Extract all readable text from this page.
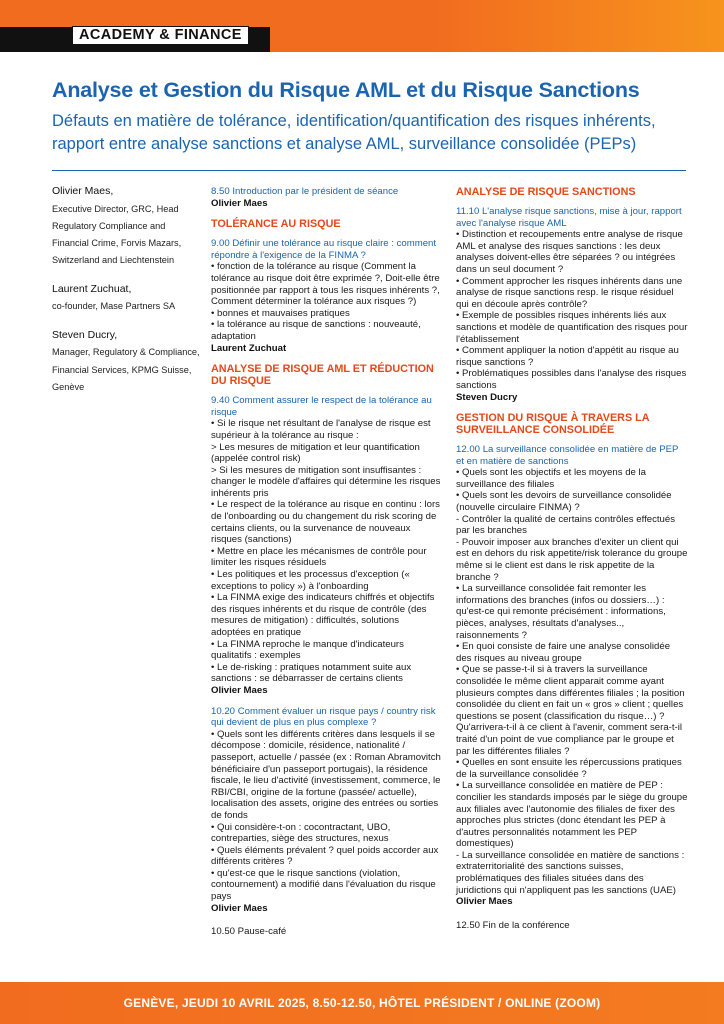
ACADEMY & FINANCE
Analyse et Gestion du Risque AML et du Risque Sanctions
Défauts en matière de tolérance, identification/quantification des risques inhérents, rapport entre analyse sanctions et analyse AML, surveillance consolidée (PEPs)
Olivier Maes,
Executive Director, GRC, Head Regulatory Compliance and Financial Crime, Forvis Mazars, Switzerland and Liechtenstein
Laurent Zuchuat,
co-founder, Mase Partners SA
Steven Ducry,
Manager, Regulatory & Compliance, Financial Services, KPMG Suisse, Genève
8.50 Introduction par le président de séance
Olivier Maes
TOLÉRANCE AU RISQUE
9.00 Définir une tolérance au risque claire : comment répondre à l'exigence de la FINMA ?
• fonction de la tolérance au risque (Comment la tolérance au risque doit être exprimée ?, Doit-elle être positionnée par rapport à tous les risques inhérents ?, Comment déterminer la tolérance aux risques ?)
• bonnes et mauvaises pratiques
• la tolérance au risque de sanctions : nouveauté, adaptation
Laurent Zuchuat
ANALYSE DE RISQUE AML ET RÉDUCTION DU RISQUE
9.40 Comment assurer le respect de la tolérance au risque
• Si le risque net résultant de l'analyse de risque est supérieur à la tolérance au risque :
> Les mesures de mitigation et leur quantification (appelée control risk)
> Si les mesures de mitigation sont insuffisantes : changer le modèle d'affaires qui détermine les risques inhérents pris
• Le respect de la tolérance au risque en continu : lors de l'onboarding ou du changement du risk scoring de certains clients, ou la survenance de nouveaux risques (sanctions)
• Mettre en place les mécanismes de contrôle pour limiter les risques résiduels
• Les politiques et les processus d'exception (« exceptions to policy ») à l'onboarding
• La FINMA exige des indicateurs chiffrés et objectifs des risques inhérents et du risque de contrôle (des mesures de mitigation) : difficultés, solutions adoptées en pratique
• La FINMA reproche le manque d'indicateurs qualitatifs : exemples
• Le de-risking : pratiques notamment suite aux sanctions : se débarrasser de certains clients
Olivier Maes
10.20 Comment évaluer un risque pays / country risk qui devient de plus en plus complexe ?
• Quels sont les différents critères dans lesquels il se décompose : domicile, résidence, nationalité / passeport, actuelle / passée (ex : Roman Abramovitch bénéficiaire d'un passeport portugais), la résidence fiscale, le lieu d'activité (investissement, commerce, le RBI/CBI, origine de la fortune (passée/ actuelle), localisation des assets, origine des entrées ou sorties de fonds
• Qui considère-t-on : cocontractant, UBO, contreparties, siège des structures, nexus
• Quels éléments prévalent ? quel poids accorder aux différents critères ?
• qu'est-ce que le risque sanctions (violation, contournement) a modifié dans l'évaluation du risque pays
Olivier Maes
10.50 Pause-café
ANALYSE DE RISQUE SANCTIONS
11.10 L'analyse risque sanctions, mise à jour, rapport avec l'analyse risque AML
• Distinction et recoupements entre analyse de risque AML et analyse des risques sanctions : les deux analyses doivent-elles être séparées ? ou intégrées dans un seul document ?
• Comment approcher les risques inhérents dans une analyse de risque sanctions resp. le risque résiduel qui en découle après contrôle?
• Exemple de possibles risques inhérents liés aux sanctions et modèle de quantification des risques pour l'établissement
• Comment appliquer la notion d'appétit au risque au risque sanctions ?
• Problématiques possibles dans l'analyse des risques sanctions
Steven Ducry
GESTION DU RISQUE À TRAVERS LA SURVEILLANCE CONSOLIDÉE
12.00 La surveillance consolidée en matière de PEP et en matière de sanctions
• Quels sont les objectifs et les moyens de la surveillance des filiales
• Quels sont les devoirs de surveillance consolidée (nouvelle circulaire FINMA) ?
- Contrôler la qualité de certains contrôles effectués par les branches
- Pouvoir imposer aux branches d'exiter un client qui est en dehors du risk appetite/risk tolerance du groupe même si le client est dans le risk appetite de la branche ?
• La surveillance consolidée fait remonter les informations des branches (infos ou dossiers…) : qu'est-ce qui remonte précisément : informations, pièces, analyses, résultats d'analyses.., raisonnements ?
• En quoi consiste de faire une analyse consolidée des risques au niveau groupe
• Que se passe-t-il si à travers la surveillance consolidée le même client apparait comme ayant plusieurs comptes dans différentes filiales ; la position consolidée du client en fait un « gros » client ; quelles questions se posent (classification du risque…) ? Qu'arrivera-t-il à ce client à l'avenir, comment sera-t-il traité d'un point de vue compliance par le groupe et par les différentes filiales ?
• Quelles en sont ensuite les répercussions pratiques de la surveillance consolidée ?
• La surveillance consolidée en matière de PEP : concilier les standards imposés par le siège du groupe aux filiales avec l'autonomie des filiales de fixer des approches plus strictes (donc étendant les PEP à d'autres personnalités notamment les PEP domestiques)
- La surveillance consolidée en matière de sanctions : extraterritorialité des sanctions suisses, problématiques des filiales situées dans des juridictions qui n'appliquent pas les sanctions (UAE)
Olivier Maes
12.50 Fin de la conférence
GENÈVE, JEUDI 10 AVRIL 2025, 8.50-12.50, HÔTEL PRÉSIDENT / ONLINE (ZOOM)
